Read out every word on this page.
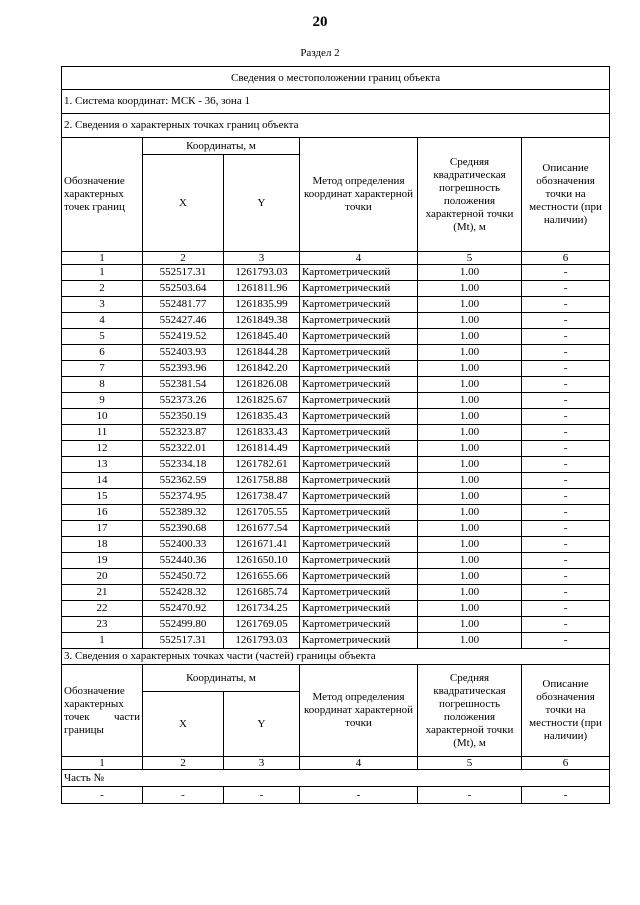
20
Раздел 2
Сведения о местоположении границ объекта					
1. Система координат: МСК - 36, зона 1					
2. Сведения о характерных точках границ объекта					
Обозначение характерных точек границ	Координаты, м		Метод определения координат характерной точки	Средняя квадратическая погрешность положения характерной точки (Mt), м	Описание обозначения точки на местности (при наличии)
	X	Y			
1	2	3	4	5	6
1	552517.31	1261793.03	Картометрический	1.00	-
2	552503.64	1261811.96	Картометрический	1.00	-
3	552481.77	1261835.99	Картометрический	1.00	-
4	552427.46	1261849.38	Картометрический	1.00	-
5	552419.52	1261845.40	Картометрический	1.00	-
6	552403.93	1261844.28	Картометрический	1.00	-
7	552393.96	1261842.20	Картометрический	1.00	-
8	552381.54	1261826.08	Картометрический	1.00	-
9	552373.26	1261825.67	Картометрический	1.00	-
10	552350.19	1261835.43	Картометрический	1.00	-
11	552323.87	1261833.43	Картометрический	1.00	-
12	552322.01	1261814.49	Картометрический	1.00	-
13	552334.18	1261782.61	Картометрический	1.00	-
14	552362.59	1261758.88	Картометрический	1.00	-
15	552374.95	1261738.47	Картометрический	1.00	-
16	552389.32	1261705.55	Картометрический	1.00	-
17	552390.68	1261677.54	Картометрический	1.00	-
18	552400.33	1261671.41	Картометрический	1.00	-
19	552440.36	1261650.10	Картометрический	1.00	-
20	552450.72	1261655.66	Картометрический	1.00	-
21	552428.32	1261685.74	Картометрический	1.00	-
22	552470.92	1261734.25	Картометрический	1.00	-
23	552499.80	1261769.05	Картометрический	1.00	-
1	552517.31	1261793.03	Картометрический	1.00	-
3. Сведения о характерных точках части (частей) границы объекта					
Обозначение характерных точек части границы	Координаты, м		Метод определения координат характерной точки	Средняя квадратическая погрешность положения характерной точки (Mt), м	Описание обозначения точки на местности (при наличии)
	X	Y			
1	2	3	4	5	6
Часть №					
-	-	-	-	-	-
